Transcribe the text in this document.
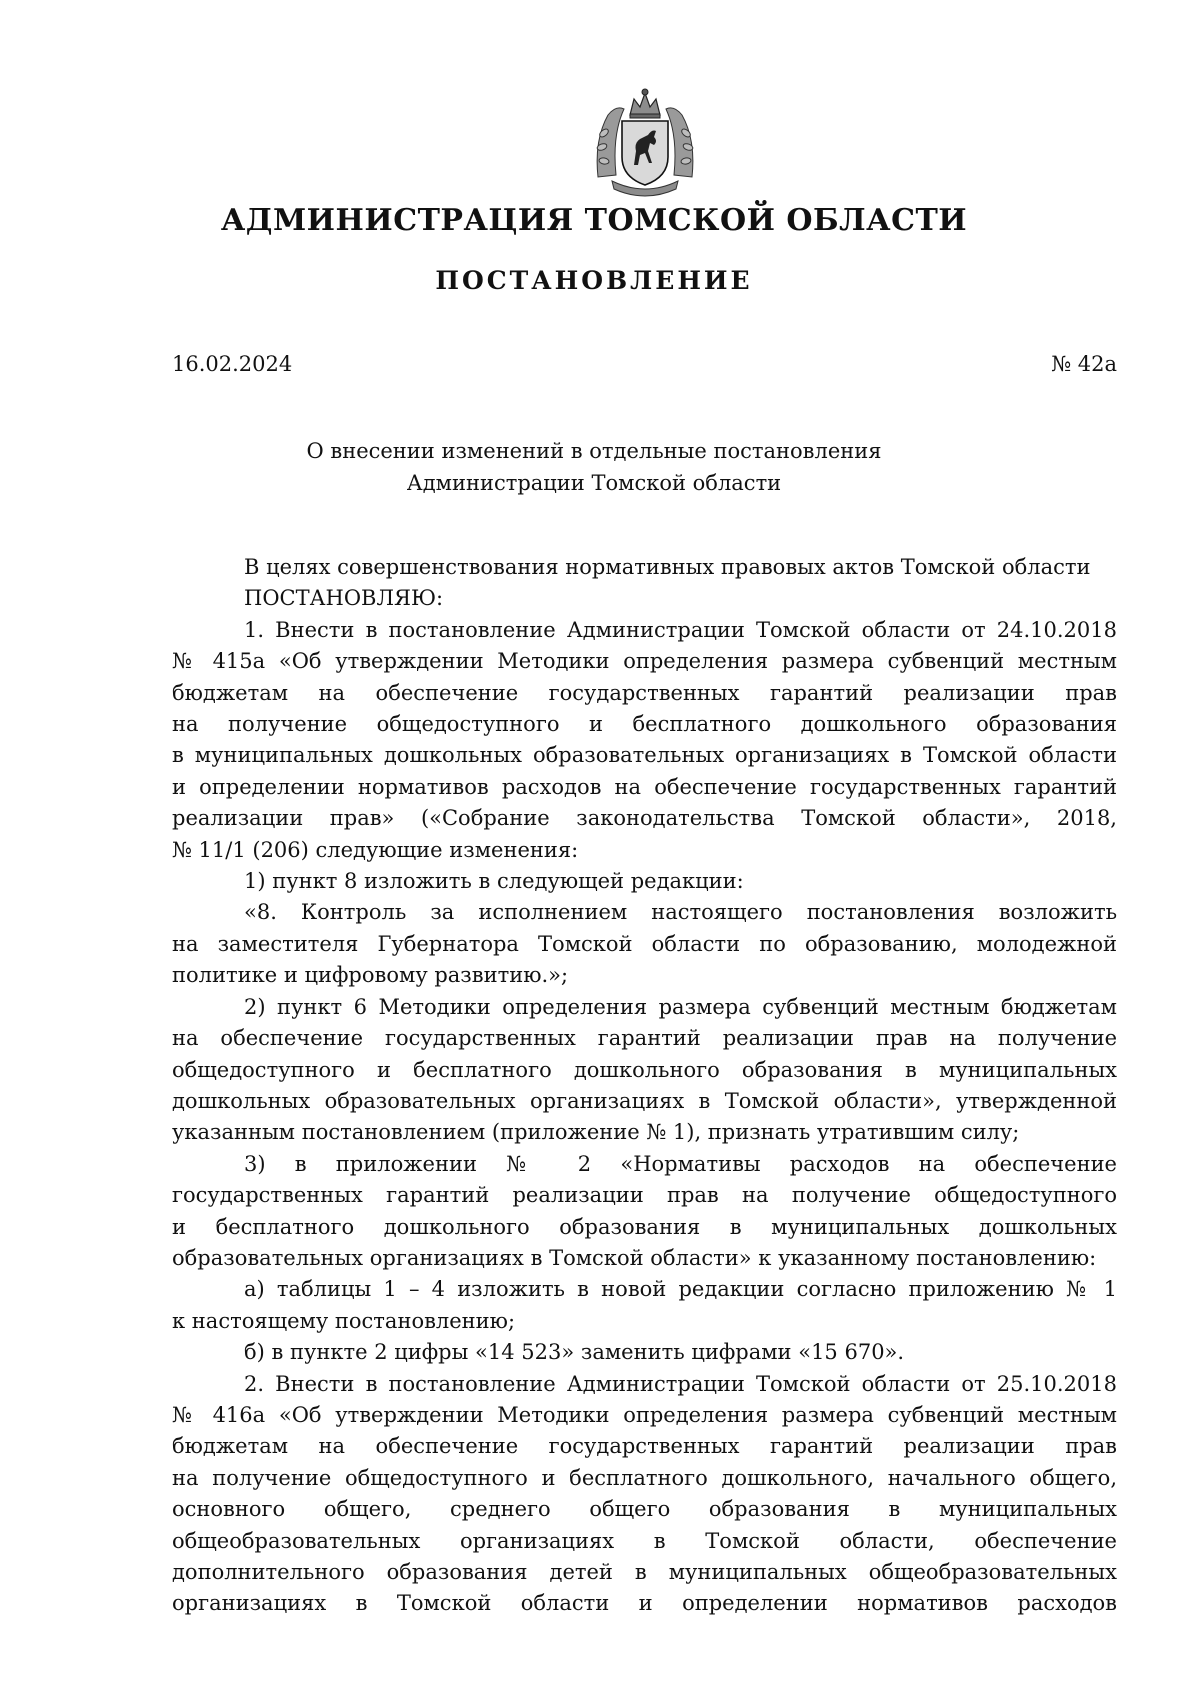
АДМИНИСТРАЦИЯ ТОМСКОЙ ОБЛАСТИ
ПОСТАНОВЛЕНИЕ
16.02.2024	№ 42а
О внесении изменений в отдельные постановления
Администрации Томской области

В целях совершенствования нормативных правовых актов Томской области

ПОСТАНОВЛЯЮ:

1. Внести в постановление Администрации Томской области от 24.10.2018

№ 415а «Об утверждении Методики определения размера субвенций местным

бюджетам на обеспечение государственных гарантий реализации прав

на получение общедоступного и бесплатного дошкольного образования

в муниципальных дошкольных образовательных организациях в Томской области

и определении нормативов расходов на обеспечение государственных гарантий

реализации прав» («Собрание законодательства Томской области», 2018,

№ 11/1 (206) следующие изменения:

1) пункт 8 изложить в следующей редакции:

«8. Контроль за исполнением настоящего постановления возложить

на заместителя Губернатора Томской области по образованию, молодежной

политике и цифровому развитию.»;

2) пункт 6 Методики определения размера субвенций местным бюджетам

на обеспечение государственных гарантий реализации прав на получение

общедоступного и бесплатного дошкольного образования в муниципальных

дошкольных образовательных организациях в Томской области», утвержденной

указанным постановлением (приложение № 1), признать утратившим силу;

3) в приложении № 2 «Нормативы расходов на обеспечение

государственных гарантий реализации прав на получение общедоступного

и бесплатного дошкольного образования в муниципальных дошкольных

образовательных организациях в Томской области» к указанному постановлению:

а) таблицы 1 – 4 изложить в новой редакции согласно приложению № 1

к настоящему постановлению;

б) в пункте 2 цифры «14 523» заменить цифрами «15 670».

2. Внести в постановление Администрации Томской области от 25.10.2018

№ 416а «Об утверждении Методики определения размера субвенций местным

бюджетам на обеспечение государственных гарантий реализации прав

на получение общедоступного и бесплатного дошкольного, начального общего,

основного общего, среднего общего образования в муниципальных

общеобразовательных организациях в Томской области, обеспечение

дополнительного образования детей в муниципальных общеобразовательных

организациях в Томской области и определении нормативов расходов
